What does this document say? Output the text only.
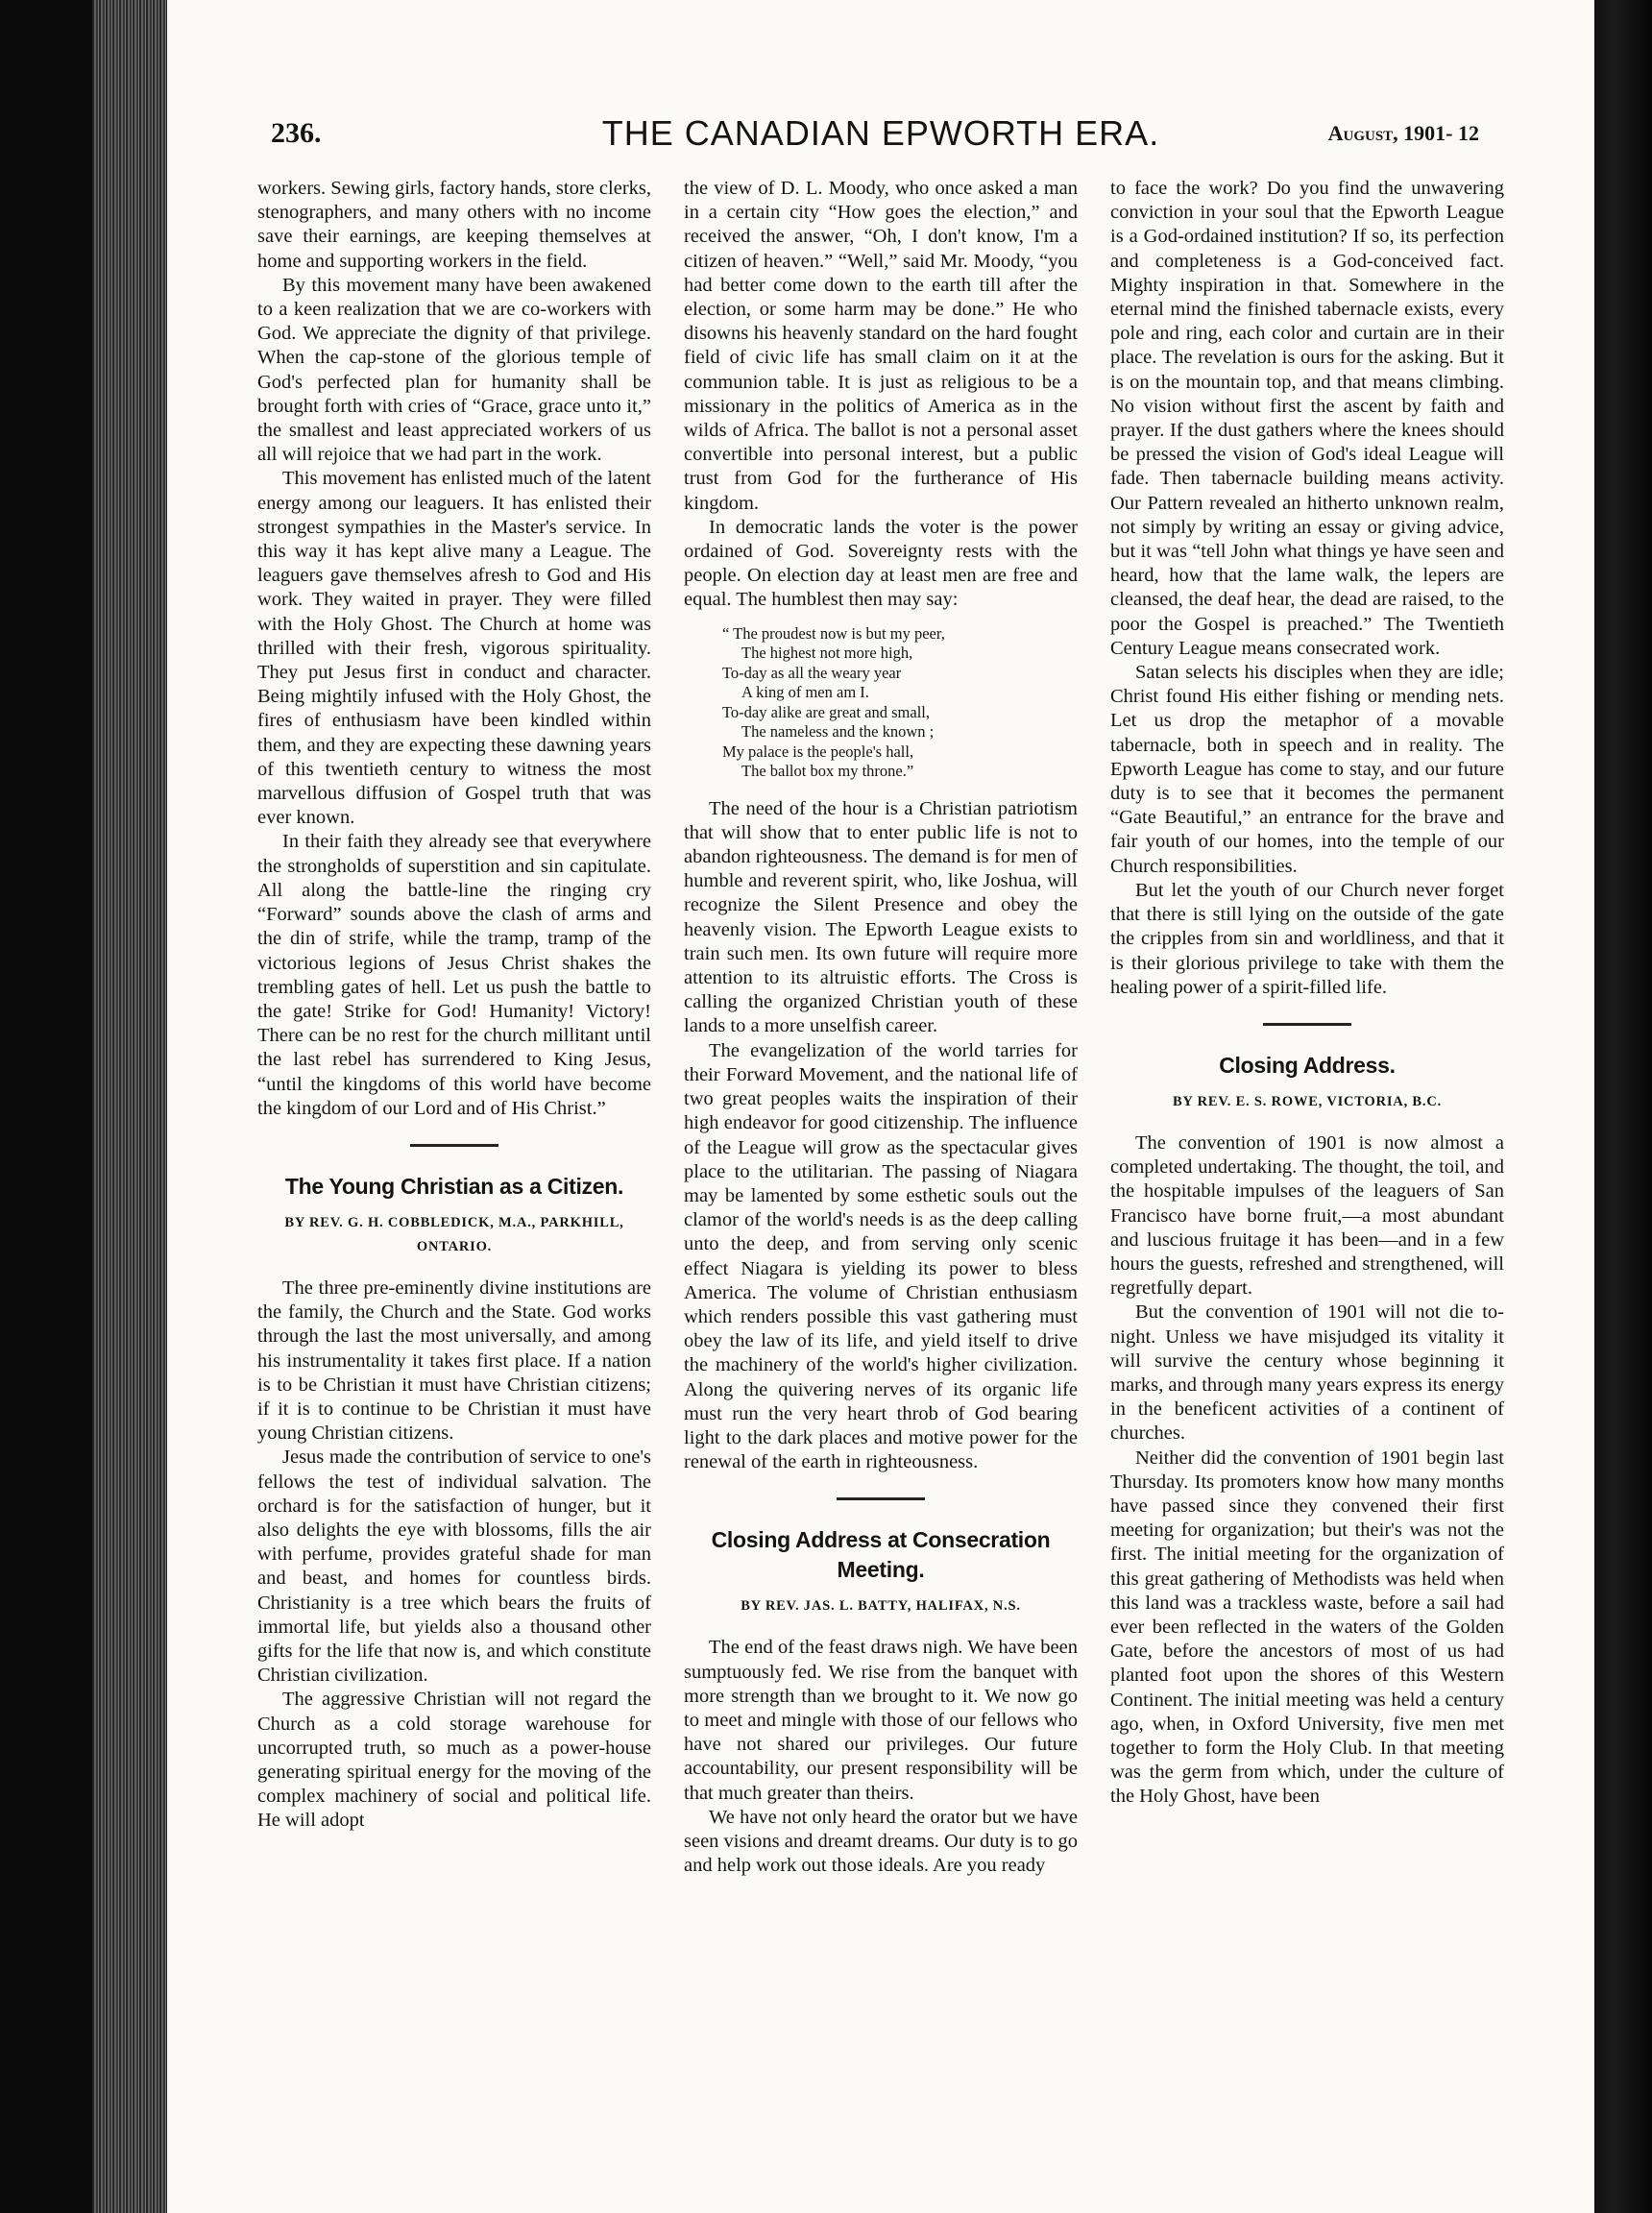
236.	THE CANADIAN EPWORTH ERA.	August, 1901- 12

workers. Sewing girls, factory hands, store clerks, stenographers, and many others with no income save their earnings, are keeping themselves at home and supporting workers in the field.

By this movement many have been awakened to a keen realization that we are co-workers with God. We appreciate the dignity of that privilege. When the cap-stone of the glorious temple of God's perfected plan for humanity shall be brought forth with cries of “Grace, grace unto it,” the smallest and least appreciated workers of us all will rejoice that we had part in the work.

This movement has enlisted much of the latent energy among our leaguers. It has enlisted their strongest sympathies in the Master's service. In this way it has kept alive many a League. The leaguers gave themselves afresh to God and His work. They waited in prayer. They were filled with the Holy Ghost. The Church at home was thrilled with their fresh, vigorous spirituality. They put Jesus first in conduct and character. Being mightily infused with the Holy Ghost, the fires of enthusiasm have been kindled within them, and they are expecting these dawning years of this twentieth century to witness the most marvellous diffusion of Gospel truth that was ever known.

In their faith they already see that everywhere the strongholds of superstition and sin capitulate. All along the battle-line the ringing cry “Forward” sounds above the clash of arms and the din of strife, while the tramp, tramp of the victorious legions of Jesus Christ shakes the trembling gates of hell. Let us push the battle to the gate! Strike for God! Humanity! Victory! There can be no rest for the church millitant until the last rebel has surrendered to King Jesus, “until the kingdoms of this world have become the kingdom of our Lord and of His Christ.”

The Young Christian as a Citizen.
BY REV. G. H. COBBLEDICK, M.A., PARKHILL, ONTARIO.

The three pre-eminently divine institutions are the family, the Church and the State. God works through the last the most universally, and among his instrumentality it takes first place. If a nation is to be Christian it must have Christian citizens; if it is to continue to be Christian it must have young Christian citizens.

Jesus made the contribution of service to one's fellows the test of individual salvation. The orchard is for the satisfaction of hunger, but it also delights the eye with blossoms, fills the air with perfume, provides grateful shade for man and beast, and homes for countless birds. Christianity is a tree which bears the fruits of immortal life, but yields also a thousand other gifts for the life that now is, and which constitute Christian civilization.

The aggressive Christian will not regard the Church as a cold storage warehouse for uncorrupted truth, so much as a power-house generating spiritual energy for the moving of the complex machinery of social and political life. He will adopt

the view of D. L. Moody, who once asked a man in a certain city “How goes the election,” and received the answer, “Oh, I don't know, I'm a citizen of heaven.” “Well,” said Mr. Moody, “you had better come down to the earth till after the election, or some harm may be done.” He who disowns his heavenly standard on the hard fought field of civic life has small claim on it at the communion table. It is just as religious to be a missionary in the politics of America as in the wilds of Africa. The ballot is not a personal asset convertible into personal interest, but a public trust from God for the furtherance of His kingdom.

In democratic lands the voter is the power ordained of God. Sovereignty rests with the people. On election day at least men are free and equal. The humblest then may say:

“ The proudest now is but my peer,
The highest not more high,
To-day as all the weary year
A king of men am I.
To-day alike are great and small,
The nameless and the known ;
My palace is the people's hall,
The ballot box my throne.”

The need of the hour is a Christian patriotism that will show that to enter public life is not to abandon righteousness. The demand is for men of humble and reverent spirit, who, like Joshua, will recognize the Silent Presence and obey the heavenly vision. The Epworth League exists to train such men. Its own future will require more attention to its altruistic efforts. The Cross is calling the organized Christian youth of these lands to a more unselfish career.

The evangelization of the world tarries for their Forward Movement, and the national life of two great peoples waits the inspiration of their high endeavor for good citizenship. The influence of the League will grow as the spectacular gives place to the utilitarian. The passing of Niagara may be lamented by some esthetic souls out the clamor of the world's needs is as the deep calling unto the deep, and from serving only scenic effect Niagara is yielding its power to bless America. The volume of Christian enthusiasm which renders possible this vast gathering must obey the law of its life, and yield itself to drive the machinery of the world's higher civilization. Along the quivering nerves of its organic life must run the very heart throb of God bearing light to the dark places and motive power for the renewal of the earth in righteousness.

Closing Address at Consecration Meeting.
BY REV. JAS. L. BATTY, HALIFAX, N.S.

The end of the feast draws nigh. We have been sumptuously fed. We rise from the banquet with more strength than we brought to it. We now go to meet and mingle with those of our fellows who have not shared our privileges. Our future accountability, our present responsibility will be that much greater than theirs.

We have not only heard the orator but we have seen visions and dreamt dreams. Our duty is to go and help work out those ideals. Are you ready

to face the work? Do you find the unwavering conviction in your soul that the Epworth League is a God-ordained institution? If so, its perfection and completeness is a God-conceived fact. Mighty inspiration in that. Somewhere in the eternal mind the finished tabernacle exists, every pole and ring, each color and curtain are in their place. The revelation is ours for the asking. But it is on the mountain top, and that means climbing. No vision without first the ascent by faith and prayer. If the dust gathers where the knees should be pressed the vision of God's ideal League will fade. Then tabernacle building means activity. Our Pattern revealed an hitherto unknown realm, not simply by writing an essay or giving advice, but it was “tell John what things ye have seen and heard, how that the lame walk, the lepers are cleansed, the deaf hear, the dead are raised, to the poor the Gospel is preached.” The Twentieth Century League means consecrated work.

Satan selects his disciples when they are idle; Christ found His either fishing or mending nets. Let us drop the metaphor of a movable tabernacle, both in speech and in reality. The Epworth League has come to stay, and our future duty is to see that it becomes the permanent “Gate Beautiful,” an entrance for the brave and fair youth of our homes, into the temple of our Church responsibilities.

But let the youth of our Church never forget that there is still lying on the outside of the gate the cripples from sin and worldliness, and that it is their glorious privilege to take with them the healing power of a spirit-filled life.

Closing Address.
BY REV. E. S. ROWE, VICTORIA, B.C.

The convention of 1901 is now almost a completed undertaking. The thought, the toil, and the hospitable impulses of the leaguers of San Francisco have borne fruit,—a most abundant and luscious fruitage it has been—and in a few hours the guests, refreshed and strengthened, will regretfully depart.

But the convention of 1901 will not die to-night. Unless we have misjudged its vitality it will survive the century whose beginning it marks, and through many years express its energy in the beneficent activities of a continent of churches.

Neither did the convention of 1901 begin last Thursday. Its promoters know how many months have passed since they convened their first meeting for organization; but their's was not the first. The initial meeting for the organization of this great gathering of Methodists was held when this land was a trackless waste, before a sail had ever been reflected in the waters of the Golden Gate, before the ancestors of most of us had planted foot upon the shores of this Western Continent. The initial meeting was held a century ago, when, in Oxford University, five men met together to form the Holy Club. In that meeting was the germ from which, under the culture of the Holy Ghost, have been
